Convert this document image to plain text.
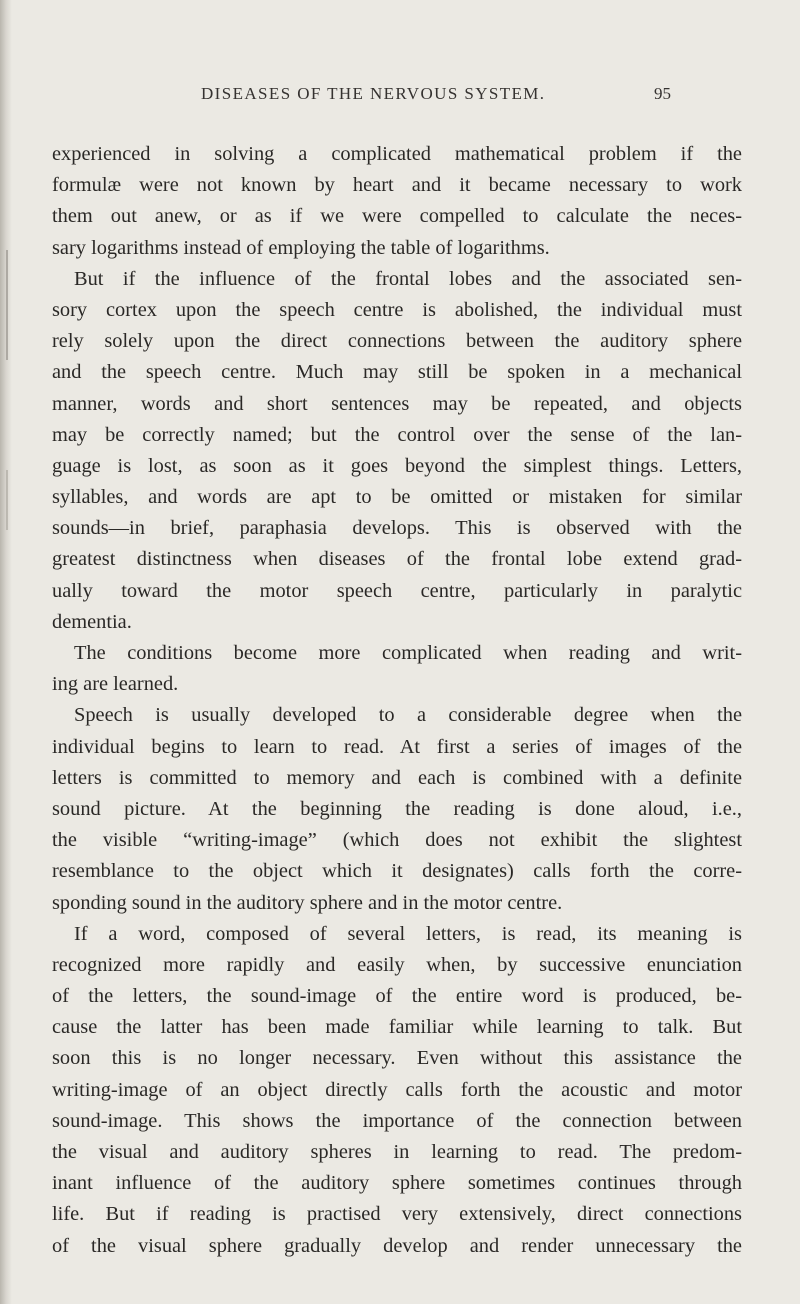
DISEASES OF THE NERVOUS SYSTEM.	95
experienced in solving a complicated mathematical problem if the
formulæ were not known by heart and it became necessary to work
them out anew, or as if we were compelled to calculate the neces-
sary logarithms instead of employing the table of logarithms.
But if the influence of the frontal lobes and the associated sen-
sory cortex upon the speech centre is abolished, the individual must
rely solely upon the direct connections between the auditory sphere
and the speech centre. Much may still be spoken in a mechanical
manner, words and short sentences may be repeated, and objects
may be correctly named; but the control over the sense of the lan-
guage is lost, as soon as it goes beyond the simplest things. Letters,
syllables, and words are apt to be omitted or mistaken for similar
sounds—in brief, paraphasia develops. This is observed with the
greatest distinctness when diseases of the frontal lobe extend grad-
ually toward the motor speech centre, particularly in paralytic
dementia.
The conditions become more complicated when reading and writ-
ing are learned.
Speech is usually developed to a considerable degree when the
individual begins to learn to read. At first a series of images of the
letters is committed to memory and each is combined with a definite
sound picture. At the beginning the reading is done aloud, i.e.,
the visible “writing-image” (which does not exhibit the slightest
resemblance to the object which it designates) calls forth the corre-
sponding sound in the auditory sphere and in the motor centre.
If a word, composed of several letters, is read, its meaning is
recognized more rapidly and easily when, by successive enunciation
of the letters, the sound-image of the entire word is produced, be-
cause the latter has been made familiar while learning to talk. But
soon this is no longer necessary. Even without this assistance the
writing-image of an object directly calls forth the acoustic and motor
sound-image. This shows the importance of the connection between
the visual and auditory spheres in learning to read. The predom-
inant influence of the auditory sphere sometimes continues through
life. But if reading is practised very extensively, direct connections
of the visual sphere gradually develop and render unnecessary the
